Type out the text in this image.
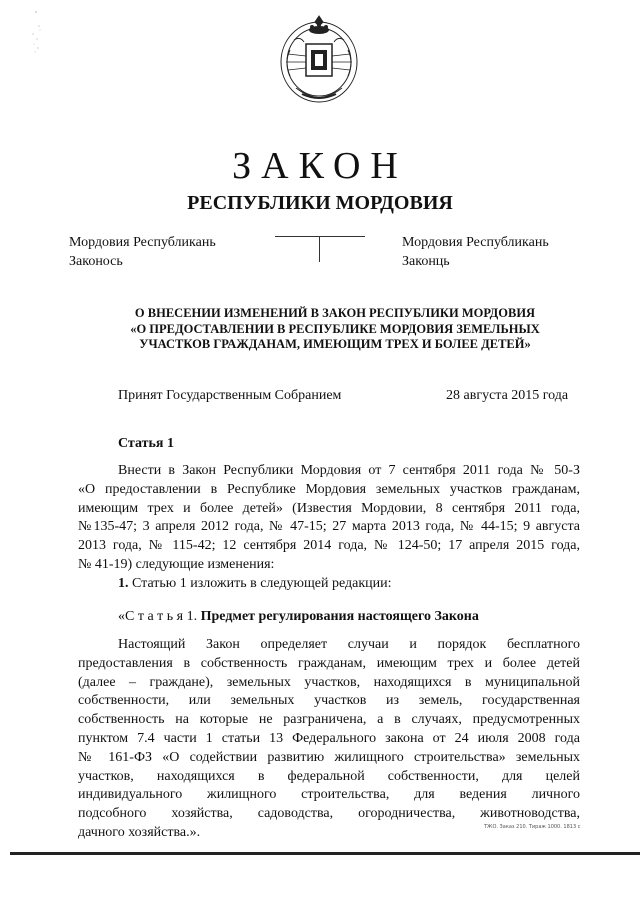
ЗАКОН
РЕСПУБЛИКИ МОРДОВИЯ
Мордовия Республикань
Законось
Мордовия Республикань
Законць
О ВНЕСЕНИИ ИЗМЕНЕНИЙ В ЗАКОН РЕСПУБЛИКИ МОРДОВИЯ
«О ПРЕДОСТАВЛЕНИИ В РЕСПУБЛИКЕ МОРДОВИЯ ЗЕМЕЛЬНЫХ
УЧАСТКОВ ГРАЖДАНАМ, ИМЕЮЩИМ ТРЕХ И БОЛЕЕ ДЕТЕЙ»
Принят Государственным Собранием	28 августа 2015 года
Статья 1
Внести в Закон Республики Мордовия от 7 сентября 2011 года № 50-З
«О предоставлении в Республике Мордовия земельных участков гражданам,
имеющим трех и более детей» (Известия Мордовии, 8 сентября 2011 года,
№135-47; 3 апреля 2012 года, № 47-15; 27 марта 2013 года, № 44-15; 9 августа
2013 года, № 115-42; 12 сентября 2014 года, № 124-50; 17 апреля 2015 года,
№ 41-19) следующие изменения:
1. Статью 1 изложить в следующей редакции:
«С т а т ь я 1. Предмет регулирования настоящего Закона
Настоящий Закон определяет случаи и порядок бесплатного
предоставления в собственность гражданам, имеющим трех и более детей
(далее – граждане), земельных участков, находящихся в муниципальной
собственности, или земельных участков из земель, государственная
собственность на которые не разграничена, а в случаях, предусмотренных
пунктом 7.4 части 1 статьи 13 Федерального закона от 24 июля 2008 года
№ 161-ФЗ «О содействии развитию жилищного строительства» земельных
участков, находящихся в федеральной собственности, для целей
индивидуального жилищного строительства, для ведения личного
подсобного хозяйства, садоводства, огородничества, животноводства,
дачного хозяйства.».	ТЖО. Заказ 210. Тираж 1000. 1813 с
